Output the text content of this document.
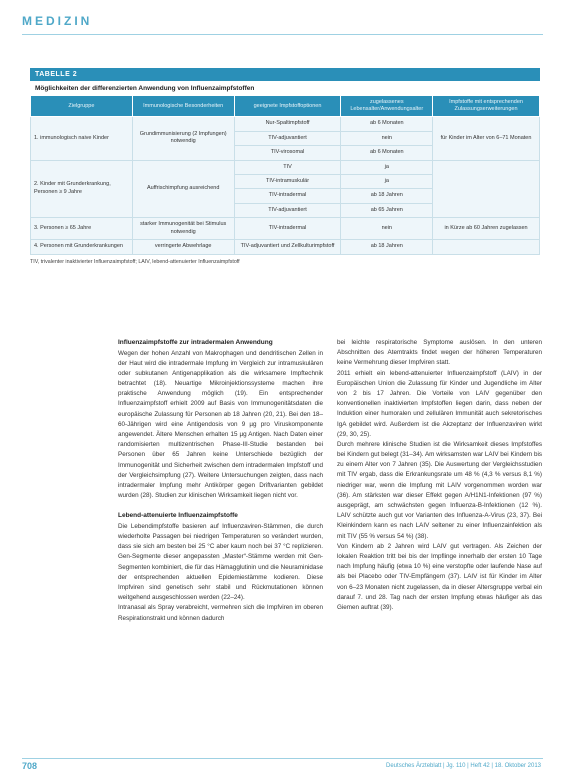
MEDIZIN
TABELLE 2
Möglichkeiten der differenzierten Anwendung von Influenzaimpfstoffen
Zielgruppe	Immunologische Besonderheiten	geeignete Impfstoffoptionen	zugelassenes Lebensalter/Anwendungsalter	Impfstoffe mit entsprechenden Zulassungserweiterungen
1. immunologisch naive Kinder	Grundimmunisierung (2 Impfungen) notwendig	Nur-Spaltimpfstoff	ab 6 Monaten	für Kinder im Alter von 6–71 Monaten
		TIV-adjuvantiert	nein	
		TIV-virosomal	ab 6 Monaten	
2. Kinder mit Grunderkrankung, Personen ≥ 9 Jahre	Auffrischimpfung ausreichend	TIV	ja	
		TIV-intramuskulär	ja	
		TIV-intradermal	ab 18 Jahren	
		TIV-adjuvantiert	ab 65 Jahren	
3. Personen ≥ 65 Jahre	starker Immunogenität bei Stimulus notwendig	TIV-intradermal	nein	in Kürze ab 60 Jahren zugelassen
4. Personen mit Grunderkrankungen	verringerte Abwehrlage	TIV-adjuvantiert und Zellkulturimpfstoff	ab 18 Jahren	
TIV, trivalenter inaktivierter Influenzaimpfstoff; LAIV, lebend-attenuierter Influenzaimpfstoff
Influenzaimpfstoffe zur intradermalen Anwendung

Wegen der hohen Anzahl von Makrophagen und dendritischen Zellen in der Haut wird die intradermale Impfung im Vergleich zur intramuskulären oder subkutanen Antigenapplikation als die wirksamere Impftechnik betrachtet (18). Neuartige Mikroinjektionssysteme machen ihre praktische Anwendung möglich (19). Ein entsprechender Influenzaimpfstoff erhielt 2009 auf Basis von Immunogenitätsdaten die europäische Zulassung für Personen ab 18 Jahren (20, 21). Bei den 18–60-Jährigen wird eine Antigendosis von 9 µg pro Viruskomponente angewendet. Ältere Menschen erhalten 15 µg Antigen. Nach Daten einer randomisierten multizentrischen Phase-III-Studie bestanden bei Personen über 65 Jahren keine Unterschiede bezüglich der Immunogenität und Sicherheit zwischen dem intradermalen Impfstoff und der Vergleichsimpfung (27). Weitere Untersuchungen zeigten, dass nach intradermaler Impfung mehr Antikörper gegen Driftvarianten gebildet wurden (28). Studien zur klinischen Wirksamkeit liegen nicht vor.

Lebend-attenuierte Influenzaimpfstoffe

Die Lebendimpfstoffe basieren auf Influenzaviren-Stämmen, die durch wiederholte Passagen bei niedrigen Temperaturen so verändert wurden, dass sie sich am besten bei 25 °C aber kaum noch bei 37 °C replizieren. Gen-Segmente dieser angepassten „Master“-Stämme werden mit Gen-Segmenten kombiniert, die für das Hämagglutinin und die Neuraminidase der entsprechenden aktuellen Epidemiestämme kodieren. Diese Impfviren sind genetisch sehr stabil und Rückmutationen können weitgehend ausgeschlossen werden (22–24).

Intranasal als Spray verabreicht, vermehren sich die Impfviren im oberen Respirationstrakt und können dadurch

bei leichte respiratorische Symptome auslösen. In den unteren Abschnitten des Atemtrakts findet wegen der höheren Temperaturen keine Vermehrung dieser Impfviren statt.

2011 erhielt ein lebend-attenuierter Influenzaimpfstoff (LAIV) in der Europäischen Union die Zulassung für Kinder und Jugendliche im Alter von 2 bis 17 Jahren. Die Vorteile von LAIV gegenüber den konventionellen inaktivierten Impfstoffen liegen darin, dass neben der Induktion einer humoralen und zellulären Immunität auch sekretorisches IgA gebildet wird. Außerdem ist die Akzeptanz der Influenzaviren wirkt (29, 30, 25).

Durch mehrere klinische Studien ist die Wirksamkeit dieses Impfstoffes bei Kindern gut belegt (31–34). Am wirksamsten war LAIV bei Kindern bis zu einem Alter von 7 Jahren (35). Die Auswertung der Vergleichsstudien mit TIV ergab, dass die Erkrankungsrate um 48 % (4,3 % versus 8,1 %) niedriger war, wenn die Impfung mit LAIV vorgenommen worden war (36). Am stärksten war dieser Effekt gegen A/H1N1-Infektionen (97 %) ausgeprägt, am schwächsten gegen Influenza-B-Infektionen (12 %). LAIV schützte auch gut vor Varianten des Influenza-A-Virus (23, 37). Bei Kleinkindern kann es nach LAIV seltener zu einer Influenzainfektion als mit TIV (55 % versus 54 %) (38).

Von Kindern ab 2 Jahren wird LAIV gut vertragen. Als Zeichen der lokalen Reaktion tritt bei bis der Impflinge innerhalb der ersten 10 Tage nach Impfung häufig (etwa 10 %) eine verstopfte oder laufende Nase auf als bei Placebo oder TIV-Empfängern (37). LAIV ist für Kinder im Alter von 6–23 Monaten nicht zugelassen, da in dieser Altersgruppe verbal ein darauf 7. und 28. Tag nach der ersten Impfung etwas häufiger als das Giemen auftrat (39).

708	Deutsches Ärzteblatt | Jg. 110 | Heft 42 | 18. Oktober 2013
